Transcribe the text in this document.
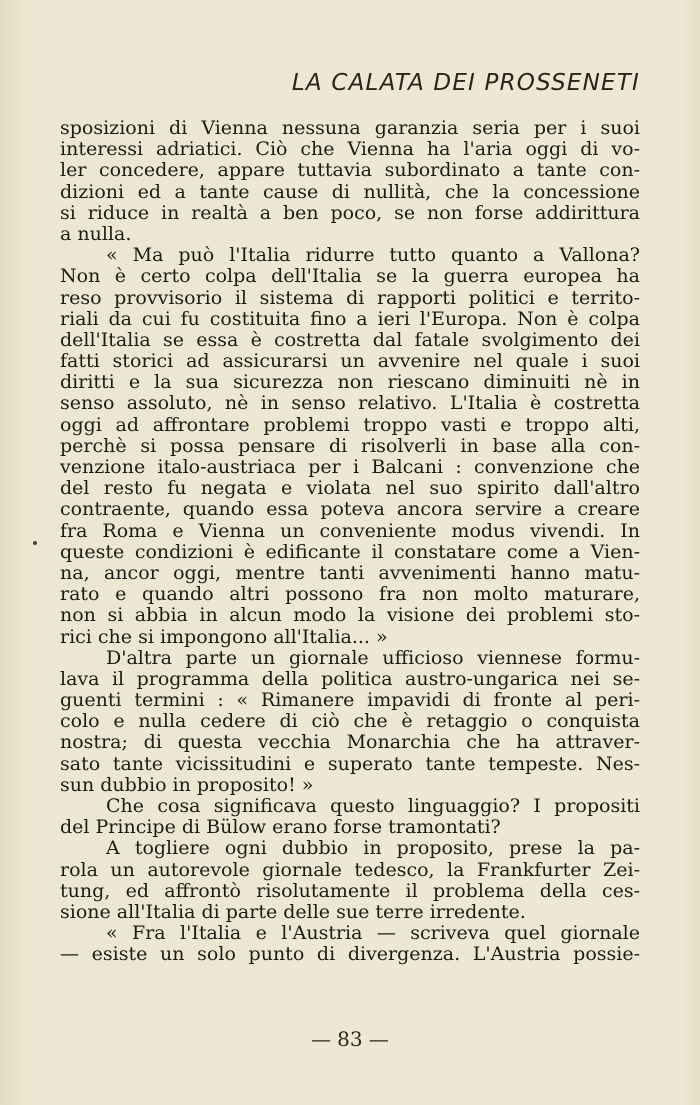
LA CALATA DEI PROSSENETI
sposizioni di Vienna nessuna garanzia seria per i suoi
interessi adriatici. Ciò che Vienna ha l'aria oggi di vo-
ler concedere, appare tuttavia subordinato a tante con-
dizioni ed a tante cause di nullità, che la concessione
si riduce in realtà a ben poco, se non forse addirittura
a nulla.
« Ma può l'Italia ridurre tutto quanto a Vallona?
Non è certo colpa dell'Italia se la guerra europea ha
reso provvisorio il sistema di rapporti politici e territo-
riali da cui fu costituita fino a ieri l'Europa. Non è colpa
dell'Italia se essa è costretta dal fatale svolgimento dei
fatti storici ad assicurarsi un avvenire nel quale i suoi
diritti e la sua sicurezza non riescano diminuiti nè in
senso assoluto, nè in senso relativo. L'Italia è costretta
oggi ad affrontare problemi troppo vasti e troppo alti,
perchè si possa pensare di risolverli in base alla con-
venzione italo-austriaca per i Balcani : convenzione che
del resto fu negata e violata nel suo spirito dall'altro
contraente, quando essa poteva ancora servire a creare
fra Roma e Vienna un conveniente modus vivendi. In
queste condizioni è edificante il constatare come a Vien-
na, ancor oggi, mentre tanti avvenimenti hanno matu-
rato e quando altri possono fra non molto maturare,
non si abbia in alcun modo la visione dei problemi sto-
rici che si impongono all'Italia... »
D'altra parte un giornale ufficioso viennese formu-
lava il programma della politica austro-ungarica nei se-
guenti termini : « Rimanere impavidi di fronte al peri-
colo e nulla cedere di ciò che è retaggio o conquista
nostra; di questa vecchia Monarchia che ha attraver-
sato tante vicissitudini e superato tante tempeste. Nes-
sun dubbio in proposito! »
Che cosa significava questo linguaggio? I propositi
del Principe di Bülow erano forse tramontati?
A togliere ogni dubbio in proposito, prese la pa-
rola un autorevole giornale tedesco, la Frankfurter Zei-
tung, ed affrontò risolutamente il problema della ces-
sione all'Italia di parte delle sue terre irredente.
« Fra l'Italia e l'Austria — scriveva quel giornale
— esiste un solo punto di divergenza. L'Austria possie-
— 83 —
